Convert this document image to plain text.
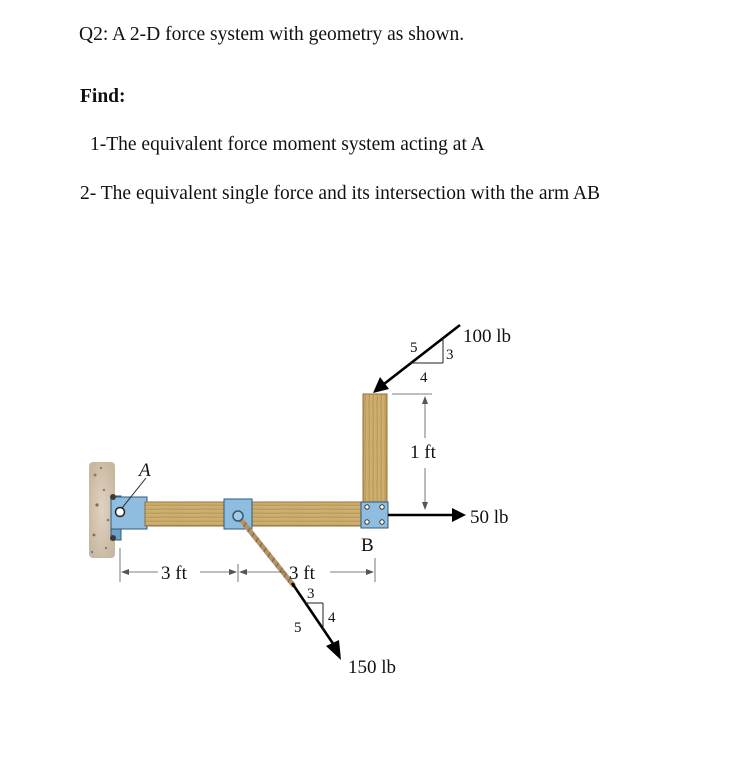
Q2: A 2-D force system with geometry as shown.
Find:
1-The equivalent force moment system acting at A
2- The equivalent single force and its intersection with the arm AB
A
B
150 lb
3
4
5
100 lb
5 3
4
50 lb
1 ft
3 ft	3 ft
